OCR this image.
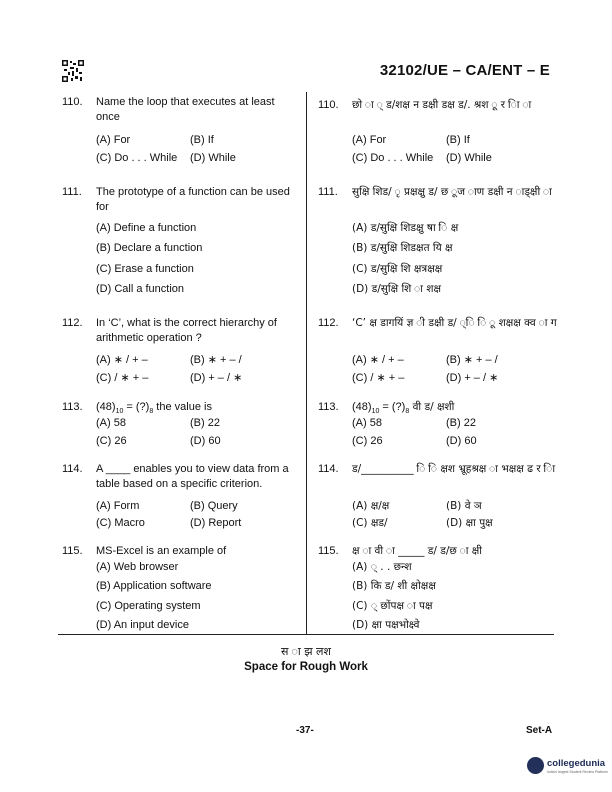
32102/UE – CA/ENT – E
110. Name the loop that executes at least once
(A) For	(B) If
(C) Do . . . While (D) While
111. The prototype of a function can be used for
(A) Define a function
(B) Declare a function
(C) Erase a function
(D) Call a function
112. In ‘C’, what is the correct hierarchy of arithmetic operation ?
(A) ∗ / + –	(B) ∗ + – /
(C) / ∗ + –	(D) + – / ∗
113. $(48)_{10}$ = $(?)_8$ the value is
(A) 58	(B) 22
(C) 26	(D) 60
114. A ____ enables you to view data from a table based on a specific criterion.
(A) Form	(B) Query
(C) Macro	(D) Report
115. MS-Excel is an example of
(A) Web browser
(B) Application software
(C) Operating system
(D) An input device
110. छो ा ् ड/शक्ष न डक्षी डक्ष ड/. श्रश ू र ाि ा
(A) For	(B) If
(C) Do . . . While (D) While
111. सुक्षि शिड/ ृ प्रक्षक्षु ड/ छ ूज ाण डक्षी न ाड्क्षी ा
(A) ड/सुक्षि शिडक्षु षा ि क्ष
(B) ड/सुक्षि शिडक्षत यि क्ष
(C) ड/सुक्षि शि क्षत्रक्षक्ष
(D) ड/सुक्षि शि ा शक्ष
112. ‘C’ क्ष डागयिं ज्ञ ी डक्षी ड/ ्ि ि ू शक्षक्ष क्व ा ग
(A) ∗ / + –	(B) ∗ + – /
(C) / ∗ + –	(D) + – / ∗
113. $(48)_{10}$ = $(?)_8$ वी ड/ क्षशी
(A) 58	(B) 22
(C) 26	(D) 60
114. ड/__________ ि ि क्षश भ्रूहश्रक्ष ा भक्षक्ष ढ र ाि
(A) क्ष/क्ष	(B) वे ञ
(C) क्षड/	(D) क्षा पुक्ष
115. क्ष ा वी ा _____ ड/ ड/छ ा क्षी
(A) ् . . छन्श
(B) कि ड/ शी क्षोक्षक्ष
(C) ् छोंपक्ष ा पक्ष
(D) क्षा पक्षभोक्ष्वे
स ा झ लश
Space for Rough Work
-37-	Set-A
collegedunia
India's largest Student Review Platform
